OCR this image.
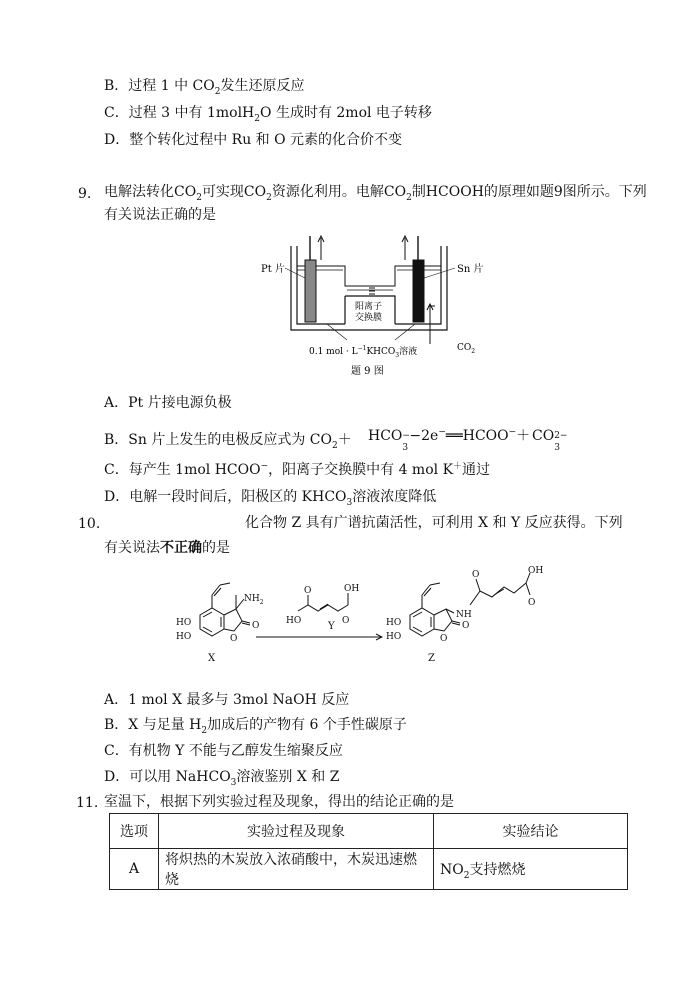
B．过程 1 中 $CO_2$发生还原反应
C．过程 3 中有 1molH$_2$O 生成时有 2mol 电子转移
D．整个转化过程中 Ru 和 O 元素的化合价不变
9. 电解法转化$CO_2$可实现$CO_2$资源化利用。电解$CO_2$制HCOOH的原理如题9图所示。下列
有关说法正确的是
Pt 片	Sn 片
阳离子
交换膜
0.1 mol · $L^{-1}KHCO_3$溶液	$CO_2$
题 9 图
A．Pt 片接电源负极
B．Sn 片上发生的电极反应式为 $CO_2+$ HCO −
3
−2e−══HCOO−＋ CO 2−
3
C．每产生 1mol HCOO−，阳离子交换膜中有 4 mol K＋通过
D．电解一段时间后，阳极区的 $KHCO_3$溶液浓度降低
10.	化合物 Z 具有广谱抗菌活性，可利用 X 和 Y 反应获得。下列
有关说法不正确的是
HO
HO
$NH_2$
O
O
X
HO
O	OH
O
Y	HO
HO
NH
O
O
O	OH
O
Z
A．1 mol X 最多与 3mol NaOH 反应
B．X 与足量 $H_2$加成后的产物有 6 个手性碳原子
C．有机物 Y 不能与乙醇发生缩聚反应
D．可以用 NaHCO$_3$溶液鉴别 X 和 Z
11. 室温下，根据下列实验过程及现象，得出的结论正确的是
选项	实验过程及现象	实验结论
A	将炽热的木炭放入浓硝酸中，木炭迅速燃烧	$NO_2$支持燃烧
